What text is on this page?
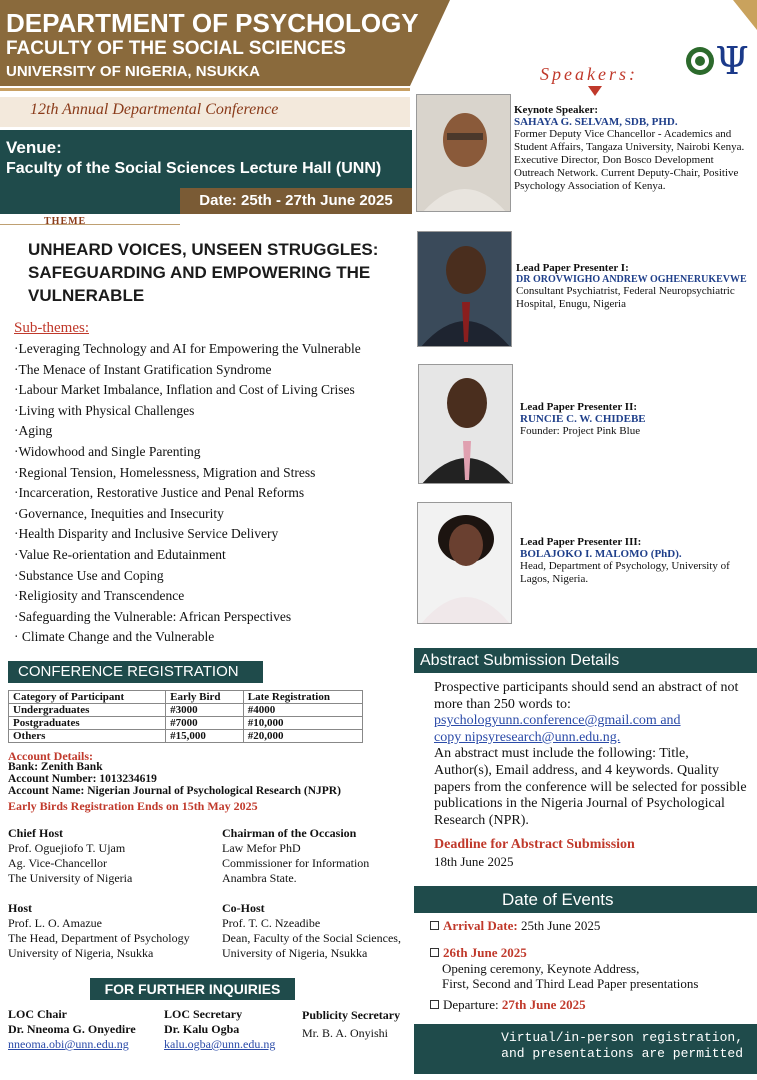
DEPARTMENT OF PSYCHOLOGY
FACULTY OF THE SOCIAL SCIENCES
UNIVERSITY OF NIGERIA, NSUKKA	Ψ
Speakers:
12th Annual Departmental Conference
Venue:
Faculty of the Social Sciences Lecture Hall (UNN)
Date: 25th - 27th June 2025
THEME
UNHEARD VOICES, UNSEEN STRUGGLES: SAFEGUARDING AND EMPOWERING THE VULNERABLE
Sub-themes:
·Leveraging Technology and AI for Empowering the Vulnerable
·The Menace of Instant Gratification Syndrome
·Labour Market Imbalance, Inflation and Cost of Living Crises
·Living with Physical Challenges
·Aging
·Widowhood and Single Parenting
·Regional Tension, Homelessness, Migration and Stress
·Incarceration, Restorative Justice and Penal Reforms
·Governance, Inequities and Insecurity
·Health Disparity and Inclusive Service Delivery
·Value Re-orientation and Edutainment
·Substance Use and Coping
·Religiosity and Transcendence
·Safeguarding the Vulnerable: African Perspectives
· Climate Change and the Vulnerable
CONFERENCE REGISTRATION
Category of Participant	Early Bird	Late Registration
Undergraduates	#3000	#4000
Postgraduates	#7000	#10,000
Others	#15,000	#20,000
Account Details:
Bank: Zenith Bank
Account Number: 1013234619
Account Name: Nigerian Journal of Psychological Research (NJPR)
Early Birds Registration Ends on 15th May 2025
Chief Host
Prof. Oguejiofo T. Ujam
Ag. Vice-Chancellor
The University of Nigeria
Chairman of the Occasion
Law Mefor PhD
Commissioner for Information
Anambra State.
Host
Prof. L. O. Amazue
The Head, Department of Psychology
University of Nigeria, Nsukka
Co-Host
Prof. T. C. Nzeadibe
Dean, Faculty of the Social Sciences,
University of Nigeria, Nsukka
FOR FURTHER INQUIRIES
LOC Chair
Dr. Nneoma G. Onyedire
nneoma.obi@unn.edu.ng
LOC Secretary
Dr. Kalu Ogba
kalu.ogba@unn.edu.ng
Publicity Secretary
Mr. B. A. Onyishi
Keynote Speaker:
SAHAYA G. SELVAM, SDB, PHD.
Former Deputy Vice Chancellor - Academics and Student Affairs, Tangaza University, Nairobi Kenya. Executive Director, Don Bosco Development Outreach Network. Current Deputy-Chair, Positive Psychology Association of Kenya.
Lead Paper Presenter I:
DR OROVWIGHO ANDREW OGHENERUKEVWE
Consultant Psychiatrist, Federal Neuropsychiatric Hospital, Enugu, Nigeria
Lead Paper Presenter II:
RUNCIE C. W. CHIDEBE
Founder: Project Pink Blue
Lead Paper Presenter III:
BOLAJOKO I. MALOMO (PhD).
Head, Department of Psychology, University of Lagos, Nigeria.
Abstract Submission Details
Prospective participants should send an abstract of not more than 250 words to:
psychologyunn.conference@gmail.com and
copy nipsyresearch@unn.edu.ng.
An abstract must include the following: Title, Author(s), Email address, and 4 keywords. Quality papers from the conference will be selected for possible publications in the Nigeria Journal of Psychological Research (NPR).
Deadline for Abstract Submission
18th June 2025
Date of Events
Arrival Date: 25th June 2025
26th June 2025
Opening ceremony, Keynote Address,
First, Second and Third Lead Paper presentations
Departure: 27th June 2025
Virtual/in-person registration,
and presentations are permitted
